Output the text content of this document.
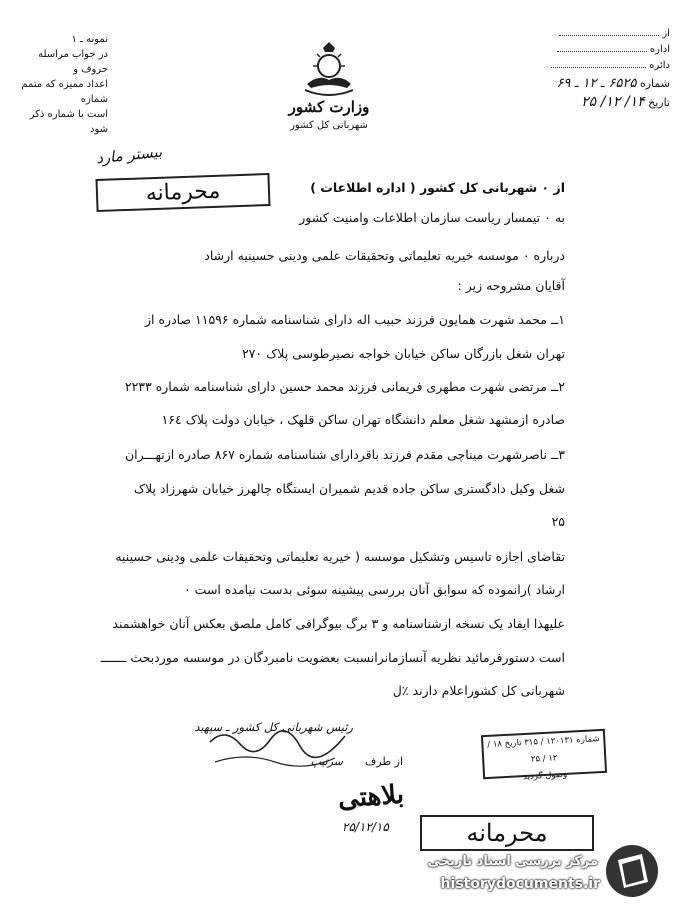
نمونه ـ ۱
در جواب مراسله حروف و
اعداد مميزه که متمم شماره
است با شماره ذکر شود
وزارت کشور
شهربانی کل کشور
از
اداره
دائره
شماره ۶۵۲۵ ـ ۱۲ ـ ۶۹
تاریخ ۱۴/ ۱۲/ ۲۵
بیستر مارد
محرمانه	از ٠ شهربانی کل کشور ( اداره اطلاعات )
به ٠ تیمسار ریاست سازمان اطلاعات وامنیت کشور
درباره ٠ موسسه خیریه تعلیماتی وتحقیقات علمی ودینی حسینیه ارشاد
آقایان مشروحه زیر :
۱ــ محمد شهرت همایون فرزند حبیب اله دارای شناسنامه شماره ۱۱۵۹۶ صادره از
تهران شغل بازرگان ساکن خیابان خواجه نصیرطوسی پلاک ۲۷۰
۲ــ مرتضی شهرت مطهری فریمانی فرزند محمد حسین دارای شناسنامه شماره ۲۲۳۳
صادره ازمشهد شغل معلم دانشگاه تهران ساکن قلهک ، خیابان دولت پلاک ۱۶٤
۳ــ ناصرشهرت میناچی مقدم فرزند باقردارای شناسنامه شماره ۸۶۷ صادره ازتهـــران
شغل وکیل دادگستری ساکن جاده قدیم شمیران ایستگاه چالهرز خیابان شهرزاد پلاک
۲۵
تقاضای اجازه تاسیس وتشکیل موسسه ( خیریه تعلیماتی وتحقیقات علمی ودینی حسینیه
ارشاد )رانموده که سوابق آنان بررسی پیشینه سوئی بدست نیامده است ٠
علیهذا ایفاد یک نسخه ازشناسنامه و ۳ برگ بیوگرافی کامل ملصق بعکس آنان خواهشمند
است دستورفرمائید نظریه آنسازمانرانسبت بعضویت نامبردگان در موسسه موردبحث ـــــــ
شهربانی کل کشوراعلام دارند ٪ل
رئیس شهربانی کل کشور ـ سپهبد
از طرف
سرتیپ
شماره ۱۲۰۱۳۱ / ۳۱۵ تاریخ ۱۸ / ۱۲ / ۲۵
وصول گردید
بلاهتی
۲۵/۱۲/۱۵	محرمانه
مرکز بررسی اسناد تاریخی
historydocuments.ir
